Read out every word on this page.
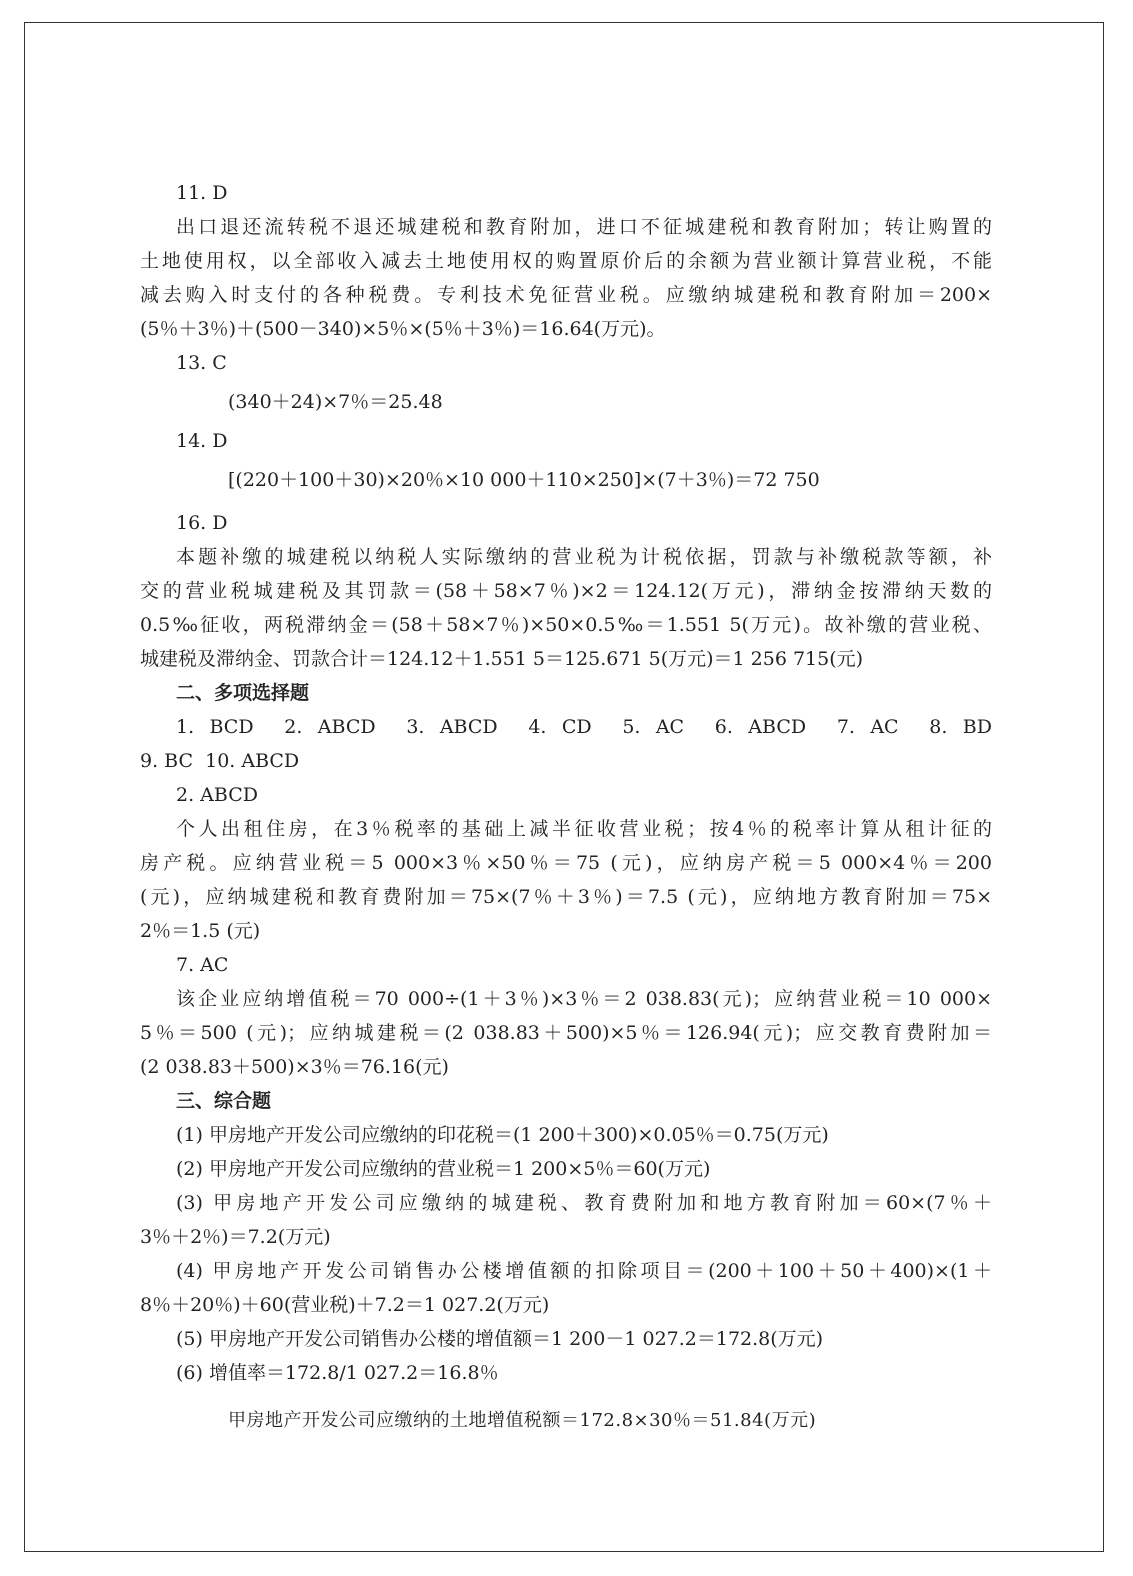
11. D
出口退还流转税不退还城建税和教育附加，进口不征城建税和教育附加；转让购置的
土地使用权，以全部收入减去土地使用权的购置原价后的余额为营业额计算营业税，不能
减去购入时支付的各种税费。专利技术免征营业税。应缴纳城建税和教育附加＝200×
(5％＋3％)＋(500－340)×5％×(5％＋3％)＝16.64(万元)。
13. C
(340＋24)×7％＝25.48
14. D
[(220＋100＋30)×20％×10 000＋110×250]×(7＋3％)＝72 750
16. D
本题补缴的城建税以纳税人实际缴纳的营业税为计税依据，罚款与补缴税款等额，补
交的营业税城建税及其罚款＝(58＋58×7％)×2＝124.12(万元)，滞纳金按滞纳天数的
0.5‰征收，两税滞纳金＝(58＋58×7％)×50×0.5‰＝1.551 5(万元)。故补缴的营业税、
城建税及滞纳金、罚款合计＝124.12＋1.551 5＝125.671 5(万元)＝1 256 715(元)
二、多项选择题
1. BCD  2. ABCD  3. ABCD  4. CD  5. AC  6. ABCD  7. AC  8. BD
9. BC  10. ABCD
2. ABCD
个人出租住房，在3％税率的基础上减半征收营业税；按4％的税率计算从租计征的
房产税。应纳营业税＝5 000×3％×50％＝75 (元)，应纳房产税＝5 000×4％＝200
(元)，应纳城建税和教育费附加＝75×(7％＋3％)＝7.5 (元)，应纳地方教育附加＝75×
2％＝1.5 (元)
7. AC
该企业应纳增值税＝70 000÷(1＋3％)×3％＝2 038.83(元)；应纳营业税＝10 000×
5％＝500 (元)；应纳城建税＝(2 038.83＋500)×5％＝126.94(元)；应交教育费附加＝
(2 038.83＋500)×3％＝76.16(元)
三、综合题
(1) 甲房地产开发公司应缴纳的印花税＝(1 200＋300)×0.05％＝0.75(万元)
(2) 甲房地产开发公司应缴纳的营业税＝1 200×5％＝60(万元)
(3) 甲房地产开发公司应缴纳的城建税、教育费附加和地方教育附加＝60×(7％＋
3％＋2％)＝7.2(万元)
(4) 甲房地产开发公司销售办公楼增值额的扣除项目＝(200＋100＋50＋400)×(1＋
8％＋20％)＋60(营业税)＋7.2＝1 027.2(万元)
(5) 甲房地产开发公司销售办公楼的增值额＝1 200－1 027.2＝172.8(万元)
(6) 增值率＝172.8/1 027.2＝16.8％
甲房地产开发公司应缴纳的土地增值税额＝172.8×30％＝51.84(万元)
